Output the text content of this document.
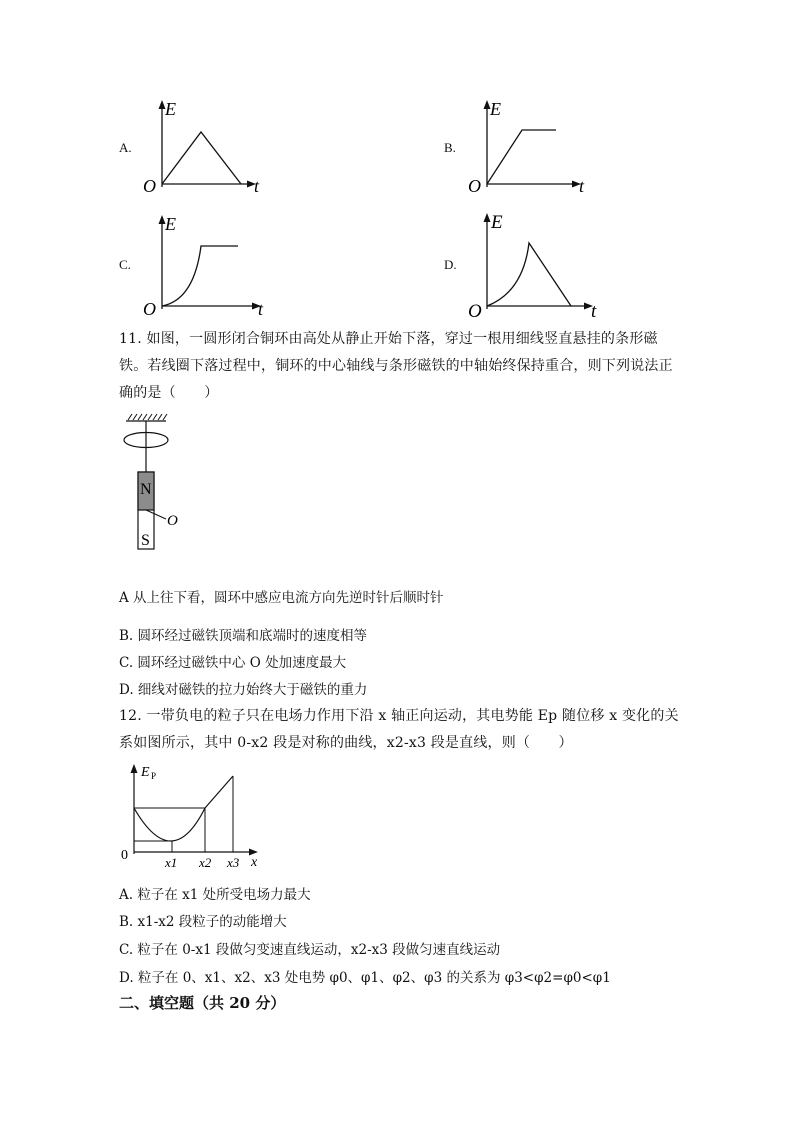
A.
E
O	t
B.
E
O	t
C.
E
O	t
D.
E
O	t
11. 如图，一圆形闭合铜环由高处从静止开始下落，穿过一根用细线竖直悬挂的条形磁
铁。若线圈下落过程中，铜环的中心轴线与条形磁铁的中轴始终保持重合，则下列说法正
确的是（　　）
N
S
O
A 从上往下看，圆环中感应电流方向先逆时针后顺时针
B. 圆环经过磁铁顶端和底端时的速度相等
C. 圆环经过磁铁中心 O 处加速度最大
D. 细线对磁铁的拉力始终大于磁铁的重力
12. 一带负电的粒子只在电场力作用下沿 x 轴正向运动，其电势能 Ep 随位移 x 变化的关
系如图所示，其中 0-x2 段是对称的曲线，x2-x3 段是直线，则（　　）
E P
0	x
x1 x2 x3
A. 粒子在 x1 处所受电场力最大
B. x1-x2 段粒子的动能增大
C. 粒子在 0-x1 段做匀变速直线运动，x2-x3 段做匀速直线运动
D. 粒子在 0、x1、x2、x3 处电势 φ0、φ1、φ2、φ3 的关系为 φ3<φ2=φ0<φ1
二、填空题（共 20 分）
